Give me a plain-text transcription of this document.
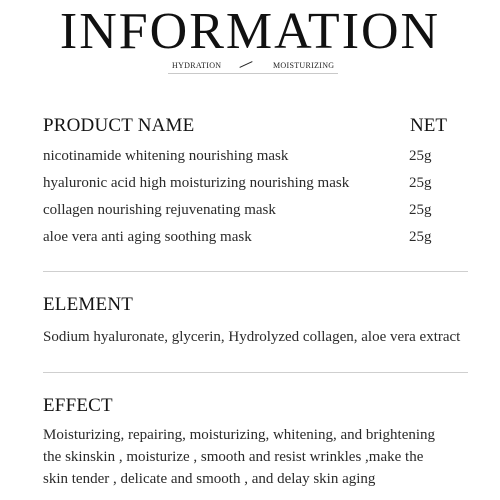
INFORMATION
HYDRATION	MOISTURIZING
PRODUCT NAME	NET
nicotinamide whitening nourishing mask	25g
hyaluronic acid high moisturizing nourishing mask	25g
collagen nourishing rejuvenating mask	25g
aloe vera anti aging soothing mask	25g
ELEMENT
Sodium hyaluronate, glycerin, Hydrolyzed collagen, aloe vera extract
EFFECT
Moisturizing, repairing, moisturizing, whitening, and brightening
the skinskin , moisturize , smooth and resist wrinkles ,make the
skin tender , delicate and smooth , and delay skin aging
